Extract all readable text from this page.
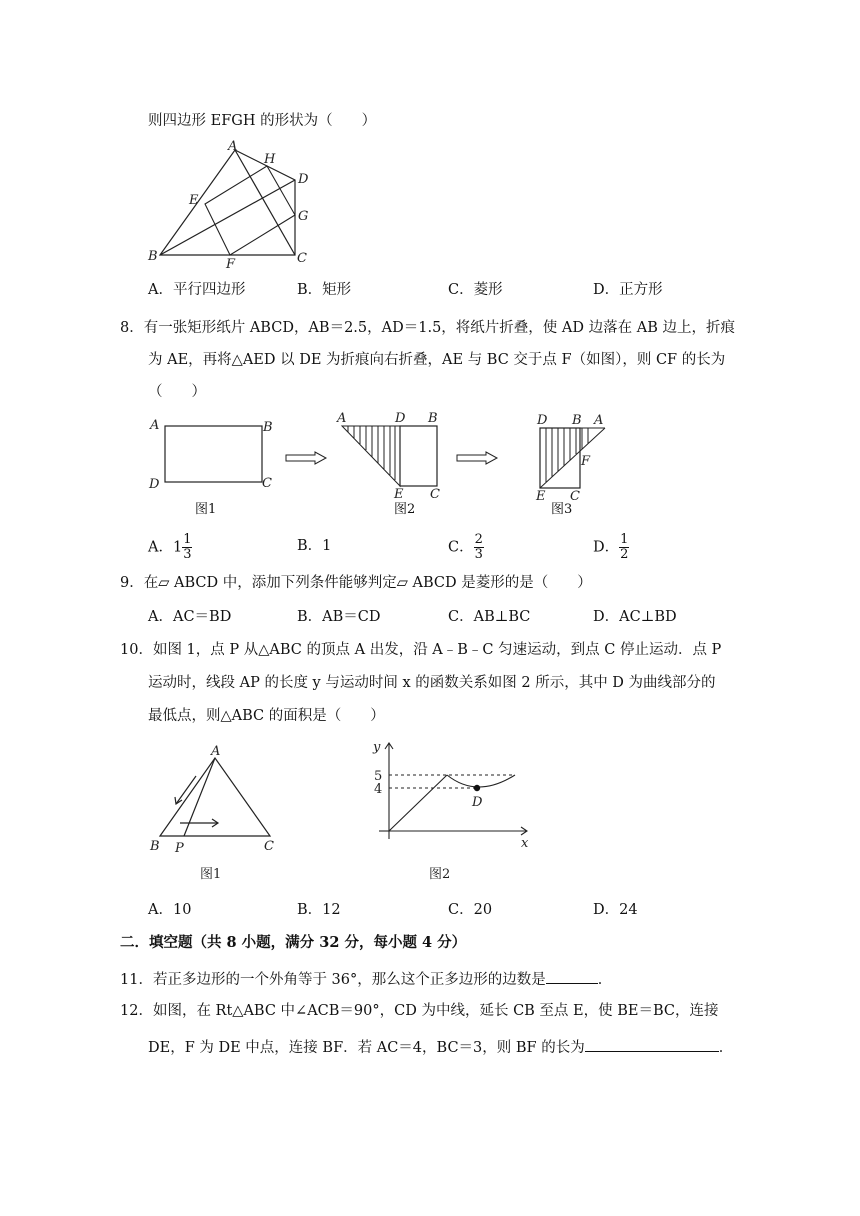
则四边形 EFGH 的形状为（　　）
A
B	C
D
E
F
G
H
A．平行四边形	B．矩形	C．菱形	D．正方形
8．有一张矩形纸片 ABCD，AB＝2.5，AD＝1.5，将纸片折叠，使 AD 边落在 AB 边上，折痕
为 AE，再将△AED 以 DE 为折痕向右折叠，AE 与 BC 交于点 F（如图），则 CF 的长为
（　　）
A	B
C
D
A	D B
E C
D B A
F
E C
图1	图2	图3
A．$1 \frac{1}{3}$	B．1	C． $\frac{2}{3}$	D． $\frac{1}{2}$
9．在▱ ABCD 中，添加下列条件能够判定▱ ABCD 是菱形的是（　　）
A．AC＝BD	B．AB＝CD	C．AB⊥BC	D．AC⊥BD
10．如图 1，点 P 从△ABC 的顶点 A 出发，沿 A﹣B﹣C 匀速运动，到点 C 停止运动．点 P
运动时，线段 AP 的长度 y 与运动时间 x 的函数关系如图 2 所示，其中 D 为曲线部分的
最低点，则△ABC 的面积是（　　）
A
B P	C
图1
y
x
5
4
D
图2
A．10	B．12	C．20	D．24
二．填空题（共 8 小题，满分 32 分，每小题 4 分）
11．若正多边形的一个外角等于 36°，那么这个正多边形的边数是	．
12．如图，在 Rt△ABC 中∠ACB＝90°，CD 为中线，延长 CB 至点 E，使 BE＝BC，连接
DE，F 为 DE 中点，连接 BF．若 AC＝4，BC＝3，则 BF 的长为	．
